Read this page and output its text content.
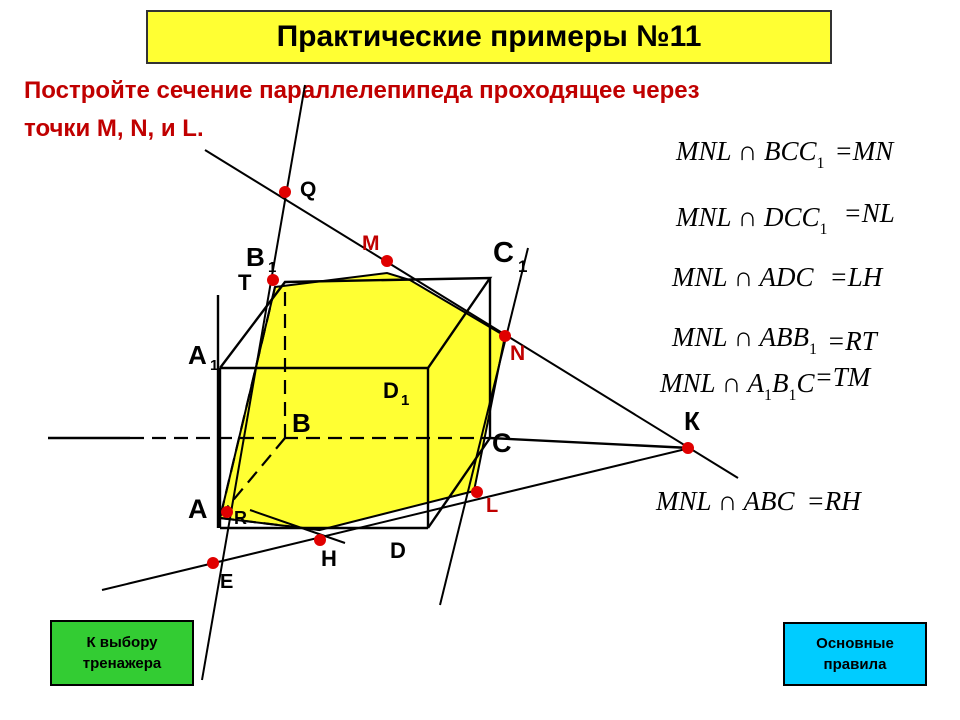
Практические примеры №11
Постройте сечение параллелепипеда проходящее через
точки M, N, и L.
Q
M
B 1
T
C 1
A 1
N
D 1
B
C
К
A R
L
Н D
E
MNL ∩ $BCC_1 =MN$
MNL ∩ $DCC_1=NL$
MNL ∩ ADC =LH
MNL ∩ $ABB_1 =RT$
MNL ∩ $A_1B_1C=TM$
MNL ∩ ABC =RH
К выбору
тренажера
Основные
правила
